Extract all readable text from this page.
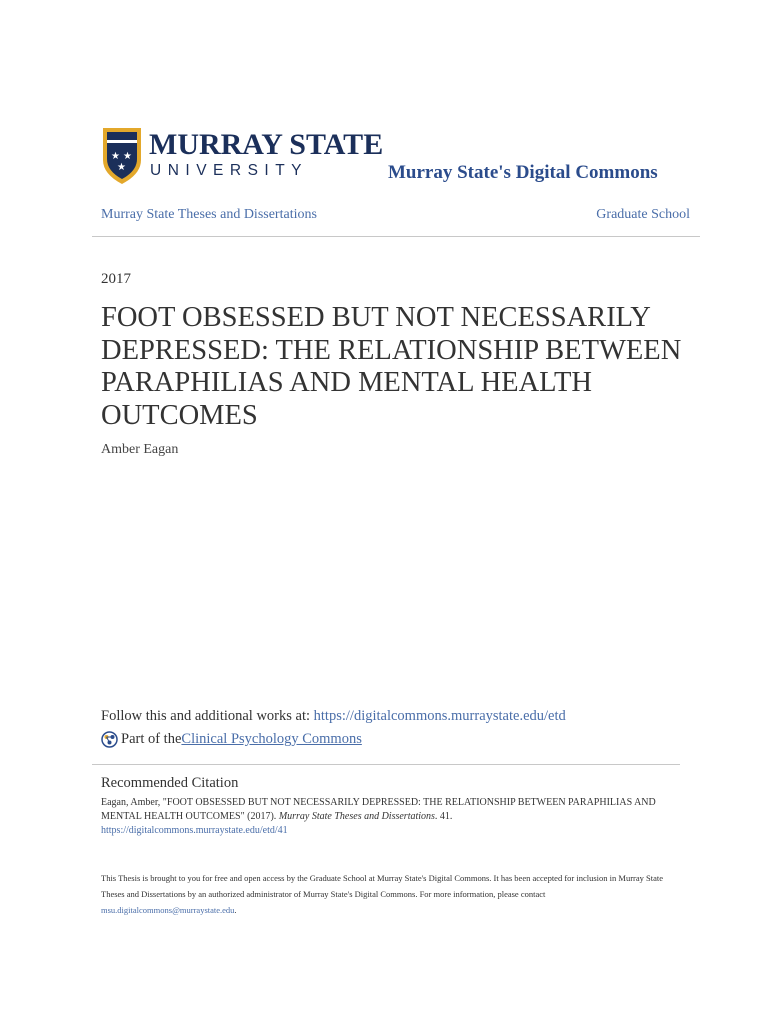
★ ★
★
MURRAY STATE
UNIVERSITY	Murray State's Digital Commons
Murray State Theses and Dissertations	Graduate School
2017
FOOT OBSESSED BUT NOT NECESSARILY DEPRESSED: THE RELATIONSHIP BETWEEN PARAPHILIAS AND MENTAL HEALTH OUTCOMES
Amber Eagan
Follow this and additional works at: https://digitalcommons.murraystate.edu/etd
Part of the Clinical Psychology Commons
Recommended Citation
Eagan, Amber, "FOOT OBSESSED BUT NOT NECESSARILY DEPRESSED: THE RELATIONSHIP BETWEEN PARAPHILIAS AND MENTAL HEALTH OUTCOMES" (2017). Murray State Theses and Dissertations. 41.
https://digitalcommons.murraystate.edu/etd/41
This Thesis is brought to you for free and open access by the Graduate School at Murray State's Digital Commons. It has been accepted for inclusion in Murray State Theses and Dissertations by an authorized administrator of Murray State's Digital Commons. For more information, please contact msu.digitalcommons@murraystate.edu.
